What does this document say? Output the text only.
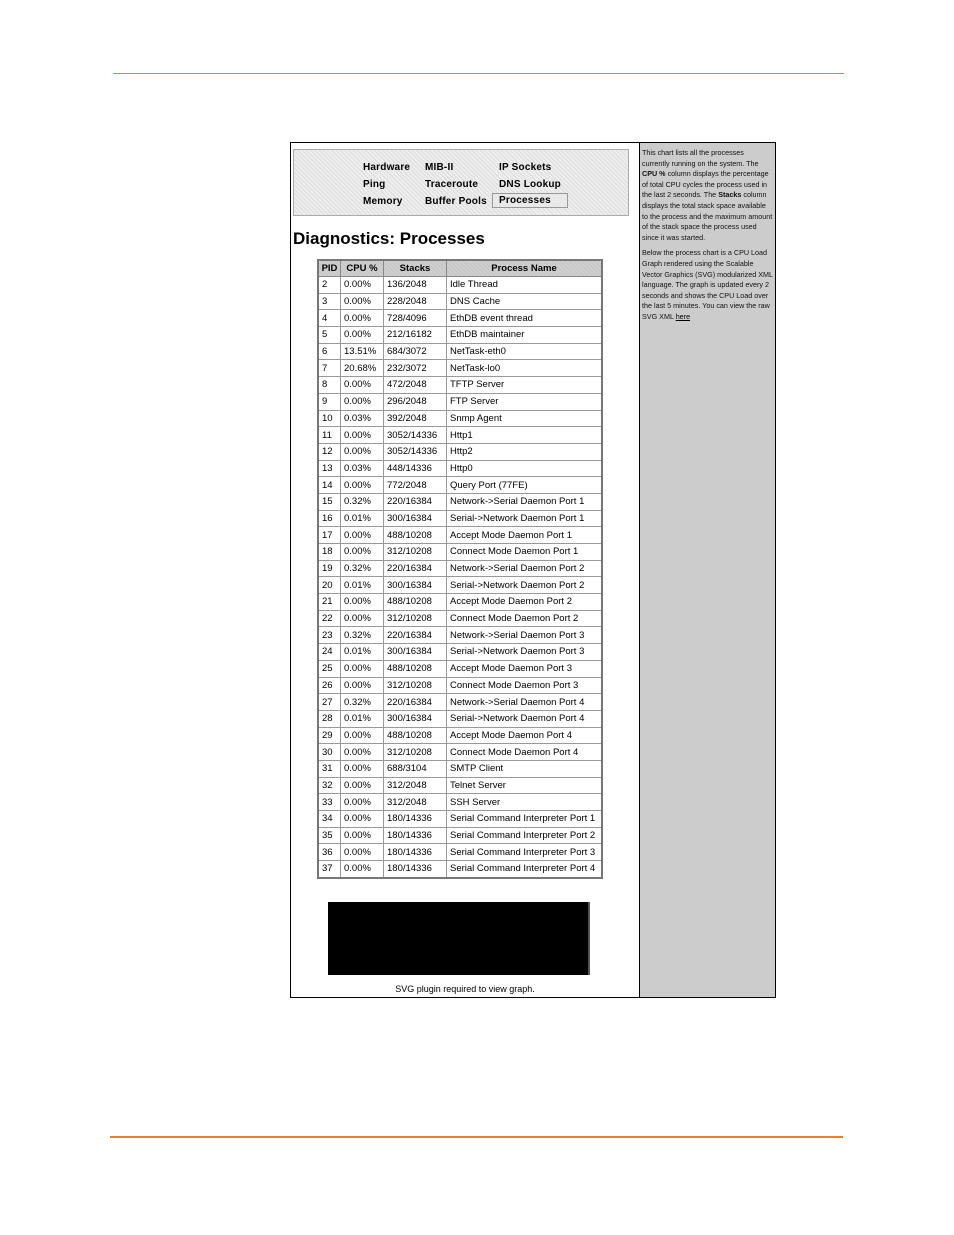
Hardware
Ping
Memory
MIB-II
Traceroute
Buffer Pools
IP Sockets
DNS Lookup
Processes
Diagnostics: Processes
PID	CPU %	Stacks	Process Name
2	0.00%	136/2048	Idle Thread
3	0.00%	228/2048	DNS Cache
4	0.00%	728/4096	EthDB event thread
5	0.00%	212/16182	EthDB maintainer
6	13.51%	684/3072	NetTask-eth0
7	20.68%	232/3072	NetTask-lo0
8	0.00%	472/2048	TFTP Server
9	0.00%	296/2048	FTP Server
10	0.03%	392/2048	Snmp Agent
11	0.00%	3052/14336	Http1
12	0.00%	3052/14336	Http2
13	0.03%	448/14336	Http0
14	0.00%	772/2048	Query Port (77FE)
15	0.32%	220/16384	Network->Serial Daemon Port 1
16	0.01%	300/16384	Serial->Network Daemon Port 1
17	0.00%	488/10208	Accept Mode Daemon Port 1
18	0.00%	312/10208	Connect Mode Daemon Port 1
19	0.32%	220/16384	Network->Serial Daemon Port 2
20	0.01%	300/16384	Serial->Network Daemon Port 2
21	0.00%	488/10208	Accept Mode Daemon Port 2
22	0.00%	312/10208	Connect Mode Daemon Port 2
23	0.32%	220/16384	Network->Serial Daemon Port 3
24	0.01%	300/16384	Serial->Network Daemon Port 3
25	0.00%	488/10208	Accept Mode Daemon Port 3
26	0.00%	312/10208	Connect Mode Daemon Port 3
27	0.32%	220/16384	Network->Serial Daemon Port 4
28	0.01%	300/16384	Serial->Network Daemon Port 4
29	0.00%	488/10208	Accept Mode Daemon Port 4
30	0.00%	312/10208	Connect Mode Daemon Port 4
31	0.00%	688/3104	SMTP Client
32	0.00%	312/2048	Telnet Server
33	0.00%	312/2048	SSH Server
34	0.00%	180/14336	Serial Command Interpreter Port 1
35	0.00%	180/14336	Serial Command Interpreter Port 2
36	0.00%	180/14336	Serial Command Interpreter Port 3
37	0.00%	180/14336	Serial Command Interpreter Port 4
SVG plugin required to view graph.

This chart lists all the processes currently running on the system. The CPU % column displays the percentage of total CPU cycles the process used in the last 2 seconds. The Stacks column displays the total stack space available to the process and the maximum amount of the stack space the process used since it was started.

Below the process chart is a CPU Load Graph rendered using the Scalable Vector Graphics (SVG) modularized XML language. The graph is updated every 2 seconds and shows the CPU Load over the last 5 minutes. You can view the raw SVG XML here
